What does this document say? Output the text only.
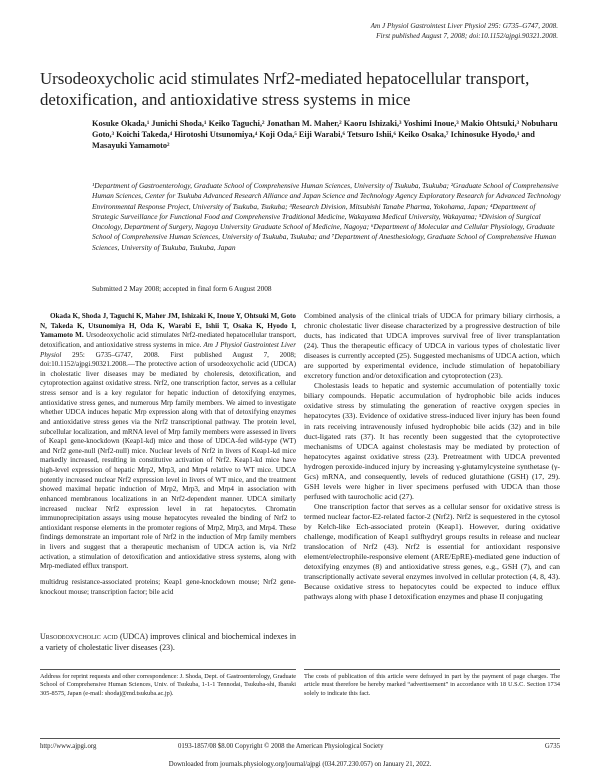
Am J Physiol Gastrointest Liver Physiol 295: G735–G747, 2008.
First published August 7, 2008; doi:10.1152/ajpgi.90321.2008.
Ursodeoxycholic acid stimulates Nrf2-mediated hepatocellular transport, detoxification, and antioxidative stress systems in mice
Kosuke Okada,¹ Junichi Shoda,¹ Keiko Taguchi,² Jonathan M. Maher,² Kaoru Ishizaki,³ Yoshimi Inoue,³ Makio Ohtsuki,³ Nobuharu Goto,³ Koichi Takeda,⁴ Hirotoshi Utsunomiya,⁴ Koji Oda,⁵ Eiji Warabi,⁶ Tetsuro Ishii,⁶ Keiko Osaka,⁷ Ichinosuke Hyodo,¹ and Masayuki Yamamoto²
¹Department of Gastroenterology, Graduate School of Comprehensive Human Sciences, University of Tsukuba, Tsukuba; ²Graduate School of Comprehensive Human Sciences, Center for Tsukuba Advanced Research Alliance and Japan Science and Technology Agency Exploratory Research for Advanced Technology Environmental Response Project, University of Tsukuba, Tsukuba; ³Research Division, Mitsubishi Tanabe Pharma, Yokohama, Japan; ⁴Department of Strategic Surveillance for Functional Food and Comprehensive Traditional Medicine, Wakayama Medical University, Wakayama; ⁵Division of Surgical Oncology, Department of Surgery, Nagoya University Graduate School of Medicine, Nagoya; ⁶Department of Molecular and Cellular Physiology, Graduate School of Comprehensive Human Sciences, University of Tsukuba, Tsukuba; and ⁷Department of Anesthesiology, Graduate School of Comprehensive Human Sciences, University of Tsukuba, Tsukuba, Japan
Submitted 2 May 2008; accepted in final form 6 August 2008

Okada K, Shoda J, Taguchi K, Maher JM, Ishizaki K, Inoue Y, Ohtsuki M, Goto N, Takeda K, Utsunomiya H, Oda K, Warabi E, Ishii T, Osaka K, Hyodo I, Yamamoto M. Ursodeoxycholic acid stimulates Nrf2-mediated hepatocellular transport, detoxification, and antioxidative stress systems in mice. Am J Physiol Gastrointest Liver Physiol 295: G735–G747, 2008. First published August 7, 2008; doi:10.1152/ajpgi.90321.2008.—The protective action of ursodeoxycholic acid (UDCA) in cholestatic liver diseases may be mediated by choleresis, detoxification, and cytoprotection against oxidative stress. Nrf2, one transcription factor, serves as a cellular stress sensor and is a key regulator for hepatic induction of detoxifying enzymes, antioxidative stress genes, and numerous Mrp family members. We aimed to investigate whether UDCA induces hepatic Mrp expression along with that of detoxifying enzymes and antioxidative stress genes via the Nrf2 transcriptional pathway. The protein level, subcellular localization, and mRNA level of Mrp family members were assessed in livers of Keap1 gene-knockdown (Keap1-kd) mice and those of UDCA-fed wild-type (WT) and Nrf2 gene-null (Nrf2-null) mice. Nuclear levels of Nrf2 in livers of Keap1-kd mice markedly increased, resulting in constitutive activation of Nrf2. Keap1-kd mice have high-level expression of hepatic Mrp2, Mrp3, and Mrp4 relative to WT mice. UDCA potently increased nuclear Nrf2 expression level in livers of WT mice, and the treatment showed maximal hepatic induction of Mrp2, Mrp3, and Mrp4 in association with enhanced membranous localizations in an Nrf2-dependent manner. UDCA similarly increased nuclear Nrf2 expression level in rat hepatocytes. Chromatin immunoprecipitation assays using mouse hepatocytes revealed the binding of Nrf2 to antioxidant response elements in the promoter regions of Mrp2, Mrp3, and Mrp4. These findings demonstrate an important role of Nrf2 in the induction of Mrp family members in livers and suggest that a therapeutic mechanism of UDCA action is, via Nrf2 activation, a stimulation of detoxification and antioxidative stress systems, along with Mrp-mediated efflux transport.

multidrug resistance-associated proteins; Keap1 gene-knockdown mouse; Nrf2 gene-knockout mouse; transcription factor; bile acid

Ursodeoxycholic acid (UDCA) improves clinical and biochemical indexes in a variety of cholestatic liver diseases (23).

Combined analysis of the clinical trials of UDCA for primary biliary cirrhosis, a chronic cholestatic liver disease characterized by a progressive destruction of bile ducts, has indicated that UDCA improves survival free of liver transplantation (24). Thus the therapeutic efficacy of UDCA in various types of cholestatic liver diseases is currently accepted (25). Suggested mechanisms of UDCA action, which are supported by experimental evidence, include stimulation of hepatobiliary excretory function and/or detoxification and cytoprotection (23).

Cholestasis leads to hepatic and systemic accumulation of potentially toxic biliary compounds. Hepatic accumulation of hydrophobic bile acids induces oxidative stress by stimulating the generation of reactive oxygen species in hepatocytes (33). Evidence of oxidative stress-induced liver injury has been found in rats receiving intravenously infused hydrophobic bile acids (32) and in bile duct-ligated rats (37). It has recently been suggested that the cytoprotective mechanisms of UDCA against cholestasis may be mediated by protection of hepatocytes against oxidative stress (23). Pretreatment with UDCA prevented hydrogen peroxide-induced injury by increasing γ-glutamylcysteine synthetase (γ-Gcs) mRNA, and consequently, levels of reduced glutathione (GSH) (17, 29). GSH levels were higher in liver specimens perfused with UDCA than those perfused with taurocholic acid (27).

One transcription factor that serves as a cellular sensor for oxidative stress is termed nuclear factor-E2-related factor-2 (Nrf2). Nrf2 is sequestered in the cytosol by Kelch-like Ech-associated protein (Keap1). However, during oxidative challenge, modification of Keap1 sulfhydryl groups results in release and nuclear translocation of Nrf2 (43). Nrf2 is essential for antioxidant responsive element/electrophile-responsive element (ARE/EpRE)-mediated gene induction of detoxifying enzymes (8) and antioxidative stress genes, e.g., GSH (7), and can transcriptionally activate several enzymes involved in cellular protection (4, 8, 43). Because oxidative stress to hepatocytes could be expected to induce efflux pathways along with phase I detoxification enzymes and phase II conjugating

Address for reprint requests and other correspondence: J. Shoda, Dept. of Gastroenterology, Graduate School of Comprehensive Human Sciences, Univ. of Tsukuba, 1-1-1 Tennodai, Tsukuba-shi, Ibaraki 305-8575, Japan (e-mail: shodaj@md.tsukuba.ac.jp).
The costs of publication of this article were defrayed in part by the payment of page charges. The article must therefore be hereby marked “advertisement” in accordance with 18 U.S.C. Section 1734 solely to indicate this fact.
http://www.ajpgi.org	0193-1857/08 $8.00 Copyright © 2008 the American Physiological Society	G735
Downloaded from journals.physiology.org/journal/ajpgi (034.207.230.057) on January 21, 2022.
